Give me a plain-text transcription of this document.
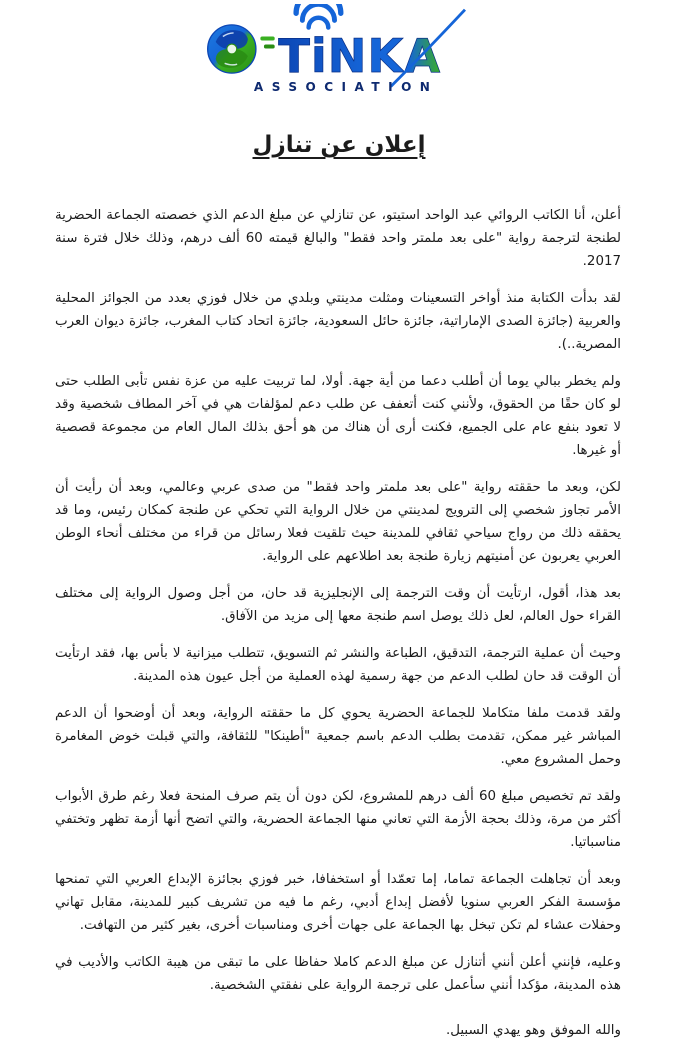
TiNKA
ASSOCIATION
إعلان عن تنازل

أعلن، أنا الكاتب الروائي عبد الواحد استيتو، عن تنازلي عن مبلغ الدعم الذي خصصته الجماعة الحضرية لطنجة لترجمة رواية "على بعد ملمتر واحد فقط" والبالغ قيمته 60 ألف درهم، وذلك خلال فترة سنة 2017.

لقد بدأت الكتابة منذ أواخر التسعينات ومثلت مدينتي وبلدي من خلال فوزي بعدد من الجوائز المحلية والعربية (جائزة الصدى الإماراتية، جائزة حائل السعودية، جائزة اتحاد كتاب المغرب، جائزة ديوان العرب المصرية..).

ولم يخطر ببالي يوما أن أطلب دعما من أية جهة. أولا، لما تربيت عليه من عزة نفس تأبى الطلب حتى لو كان حقًا من الحقوق، ولأنني كنت أتعفف عن طلب دعم لمؤلفات هي في آخر المطاف شخصية وقد لا تعود بنفع عام على الجميع، فكنت أرى أن هناك من هو أحق بذلك المال العام من مجموعة قصصية أو غيرها.

لكن، وبعد ما حققته رواية "على بعد ملمتر واحد فقط" من صدى عربي وعالمي، وبعد أن رأيت أن الأمر تجاوز شخصي إلى الترويج لمدينتي من خلال الرواية التي تحكي عن طنجة كمكان رئيس، وما قد يحققه ذلك من رواج سياحي ثقافي للمدينة حيث تلقيت فعلا رسائل من قراء من مختلف أنحاء الوطن العربي يعربون عن أمنيتهم زيارة طنجة بعد اطلاعهم على الرواية.

بعد هذا، أقول، ارتأيت أن وقت الترجمة إلى الإنجليزية قد حان، من أجل وصول الرواية إلى مختلف القراء حول العالم، لعل ذلك يوصل اسم طنجة معها إلى مزيد من الآفاق.

وحيث أن عملية الترجمة، التدقيق، الطباعة والنشر ثم التسويق، تتطلب ميزانية لا بأس بها، فقد ارتأيت أن الوقت قد حان لطلب الدعم من جهة رسمية لهذه العملية من أجل عيون هذه المدينة.

ولقد قدمت ملفا متكاملا للجماعة الحضرية يحوي كل ما حققته الرواية، وبعد أن أوضحوا أن الدعم المباشر غير ممكن، تقدمت بطلب الدعم باسم جمعية "أطينكا" للثقافة، والتي قبلت خوض المغامرة وحمل المشروع معي.

ولقد تم تخصيص مبلغ 60 ألف درهم للمشروع، لكن دون أن يتم صرف المنحة فعلا رغم طرق الأبواب أكثر من مرة، وذلك بحجة الأزمة التي تعاني منها الجماعة الحضرية، والتي اتضح أنها أزمة تظهر وتختفي مناسباتيا.

وبعد أن تجاهلت الجماعة تماما، إما تعمّدا أو استخفافا، خبر فوزي بجائزة الإبداع العربي التي تمنحها مؤسسة الفكر العربي سنويا لأفضل إبداع أدبي، رغم ما فيه من تشريف كبير للمدينة، مقابل تهاني وحفلات عشاء لم تكن تبخل بها الجماعة على جهات أخرى ومناسبات أخرى، بغير كثير من التهافت.

وعليه، فإنني أعلن أنني أتنازل عن مبلغ الدعم كاملا حفاظا على ما تبقى من هيبة الكاتب والأديب في هذه المدينة، مؤكدا أنني سأعمل على ترجمة الرواية على نفقتي الشخصية.

والله الموفق وهو يهدي السبيل.
